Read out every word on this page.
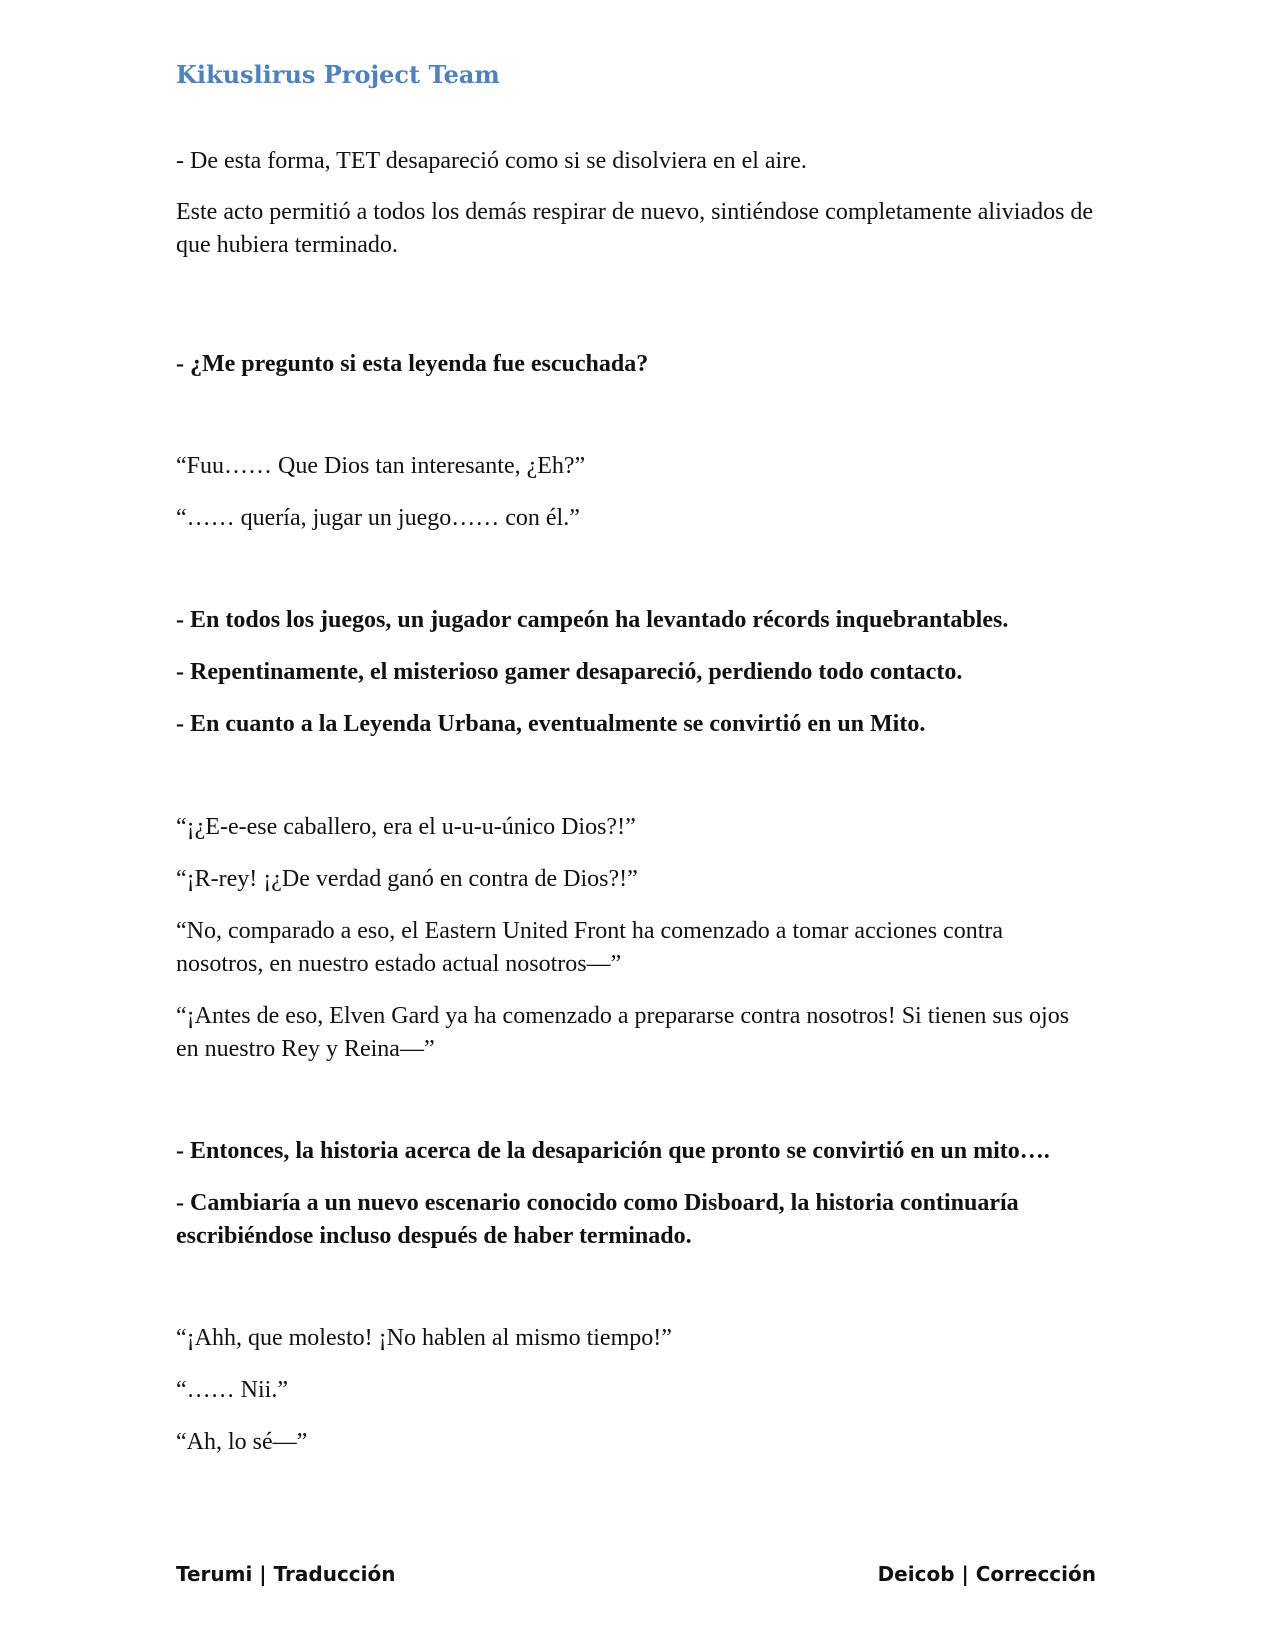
Kikuslirus Project Team

- De esta forma, TET desapareció como si se disolviera en el aire.

Este acto permitió a todos los demás respirar de nuevo, sintiéndose completamente aliviados de que hubiera terminado.

- ¿Me pregunto si esta leyenda fue escuchada?

“Fuu…… Que Dios tan interesante, ¿Eh?”

“…… quería, jugar un juego…… con él.”

- En todos los juegos, un jugador campeón ha levantado récords inquebrantables.

- Repentinamente, el misterioso gamer desapareció, perdiendo todo contacto.

- En cuanto a la Leyenda Urbana, eventualmente se convirtió en un Mito.

“¡¿E-e-ese caballero, era el u-u-u-único Dios?!”

“¡R-rey! ¡¿De verdad ganó en contra de Dios?!”

“No, comparado a eso, el Eastern United Front ha comenzado a tomar acciones contra nosotros, en nuestro estado actual nosotros—”

“¡Antes de eso, Elven Gard ya ha comenzado a prepararse contra nosotros! Si tienen sus ojos en nuestro Rey y Reina—”

- Entonces, la historia acerca de la desaparición que pronto se convirtió en un mito….

- Cambiaría a un nuevo escenario conocido como Disboard, la historia continuaría escribiéndose incluso después de haber terminado.

“¡Ahh, que molesto! ¡No hablen al mismo tiempo!”

“…… Nii.”

“Ah, lo sé—”

Terumi | Traducción	Deicob | Corrección
